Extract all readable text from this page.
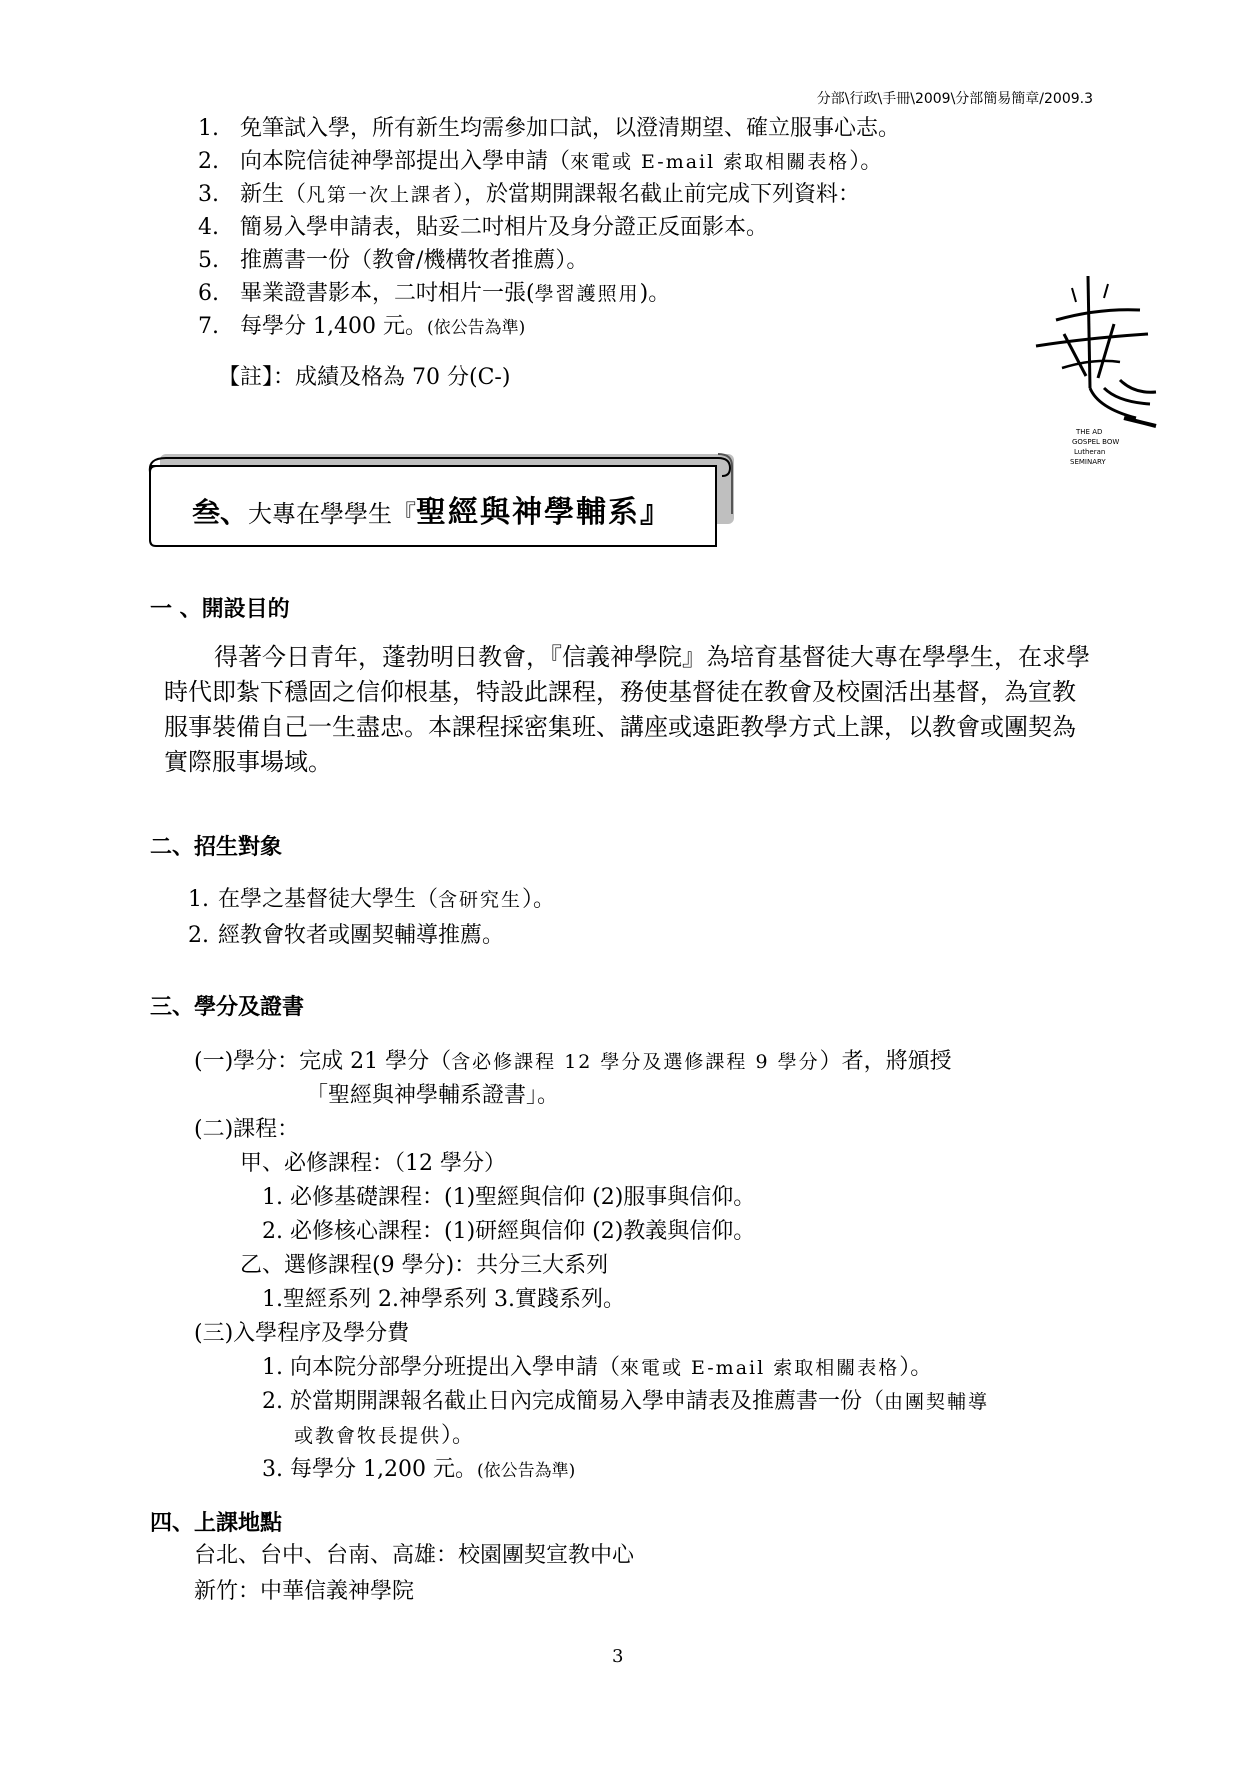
分部\行政\手冊\2009\分部簡易簡章/2009.3
1. 免筆試入學，所有新生均需參加口試，以澄清期望、確立服事心志。
2. 向本院信徒神學部提出入學申請（來電或 E-mail 索取相關表格）。
3. 新生（凡第一次上課者），於當期開課報名截止前完成下列資料：
4. 簡易入學申請表，貼妥二吋相片及身分證正反面影本。
5. 推薦書一份（教會/機構牧者推薦）。
6. 畢業證書影本，二吋相片一張(學習護照用)。
7. 每學分 1,400 元。(依公告為準)
【註】：成績及格為 70 分(C-)
THE AD
GOSPEL BOW
Lutheran
SEMINARY
叁、大專在學學生『聖經與神學輔系』
一 、開設目的
得著今日青年，蓬勃明日教會，『信義神學院』為培育基督徒大專在學學生，在求學時代即紮下穩固之信仰根基，特設此課程，務使基督徒在教會及校園活出基督，為宣教服事裝備自己一生盡忠。本課程採密集班、講座或遠距教學方式上課，以教會或團契為實際服事場域。
二、招生對象
1. 在學之基督徒大學生（含研究生）。
2. 經教會牧者或團契輔導推薦。
三、學分及證書
(一)學分：完成 21 學分（含必修課程 12 學分及選修課程 9 學分）者，將頒授
「聖經與神學輔系證書」。
(二)課程：
甲、必修課程：（12 學分）
1. 必修基礎課程：(1)聖經與信仰 (2)服事與信仰。
2. 必修核心課程：(1)研經與信仰 (2)教義與信仰。
乙、選修課程(9 學分)：共分三大系列
1.聖經系列 2.神學系列 3.實踐系列。
(三)入學程序及學分費
1. 向本院分部學分班提出入學申請（來電或 E-mail 索取相關表格）。
2. 於當期開課報名截止日內完成簡易入學申請表及推薦書一份（由團契輔導
或教會牧長提供）。
3. 每學分 1,200 元。(依公告為準)
四、上課地點
台北、台中、台南、高雄：校園團契宣教中心
新竹：中華信義神學院
3
